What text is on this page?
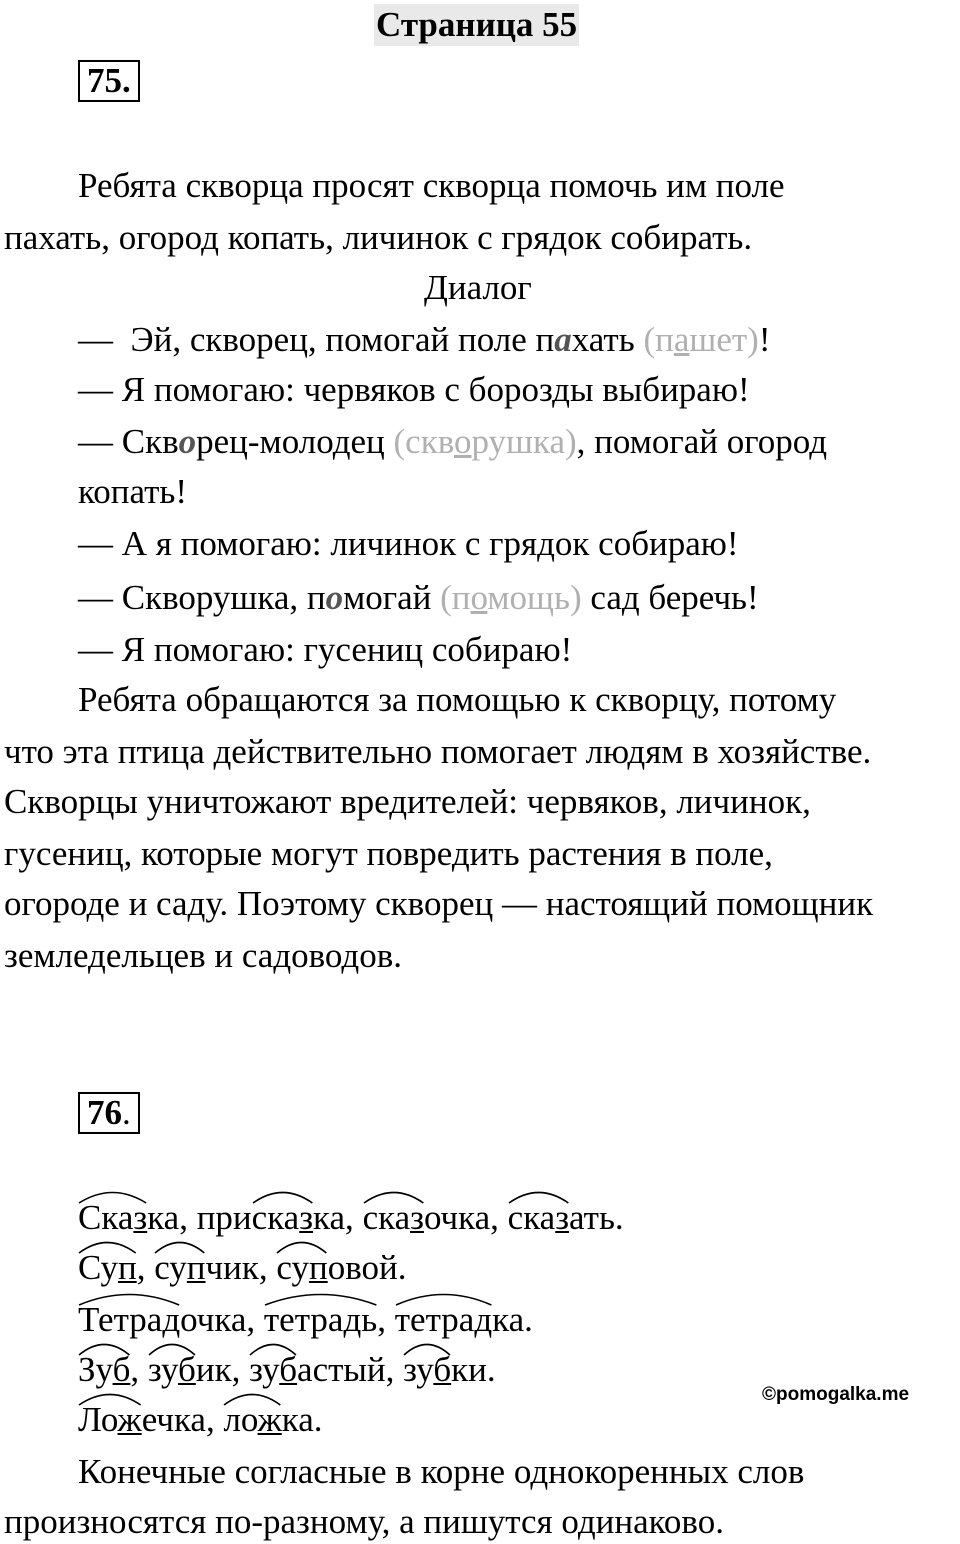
Страница 55
75.
Ребята скворца просят скворца помочь им поле
пахать, огород копать, личинок с грядок собирать.
Диалог
—  Эй, скворец, помогай поле пахать (пашет)!
— Я помогаю: червяков с борозды выбираю!
— Скворец-молодец (скворушка), помогай огород
копать!
— А я помогаю: личинок с грядок собираю!
— Скворушка, помогай (помощь) сад беречь!
— Я помогаю: гусениц собираю!
Ребята обращаются за помощью к скворцу, потому
что эта птица действительно помогает людям в хозяйстве.
Скворцы уничтожают вредителей: червяков, личинок,
гусениц, которые могут повредить растения в поле,
огороде и саду. Поэтому скворец — настоящий помощник
земледельцев и садоводов.
76.
Сказ
ка, присказ
ка, сказ
очка, сказ
ать.
Суп
, суп
чик, суп
овой.
Тетрад
очка, тетрадь
, тетрад
ка.
Зуб
, зуб
ик, зуб
астый, зуб
ки.
Лож
ечка, лож
ка.
Конечные согласные в корне однокоренных слов
произносятся по-разному, а пишутся одинаково.
©pomogalka.me
